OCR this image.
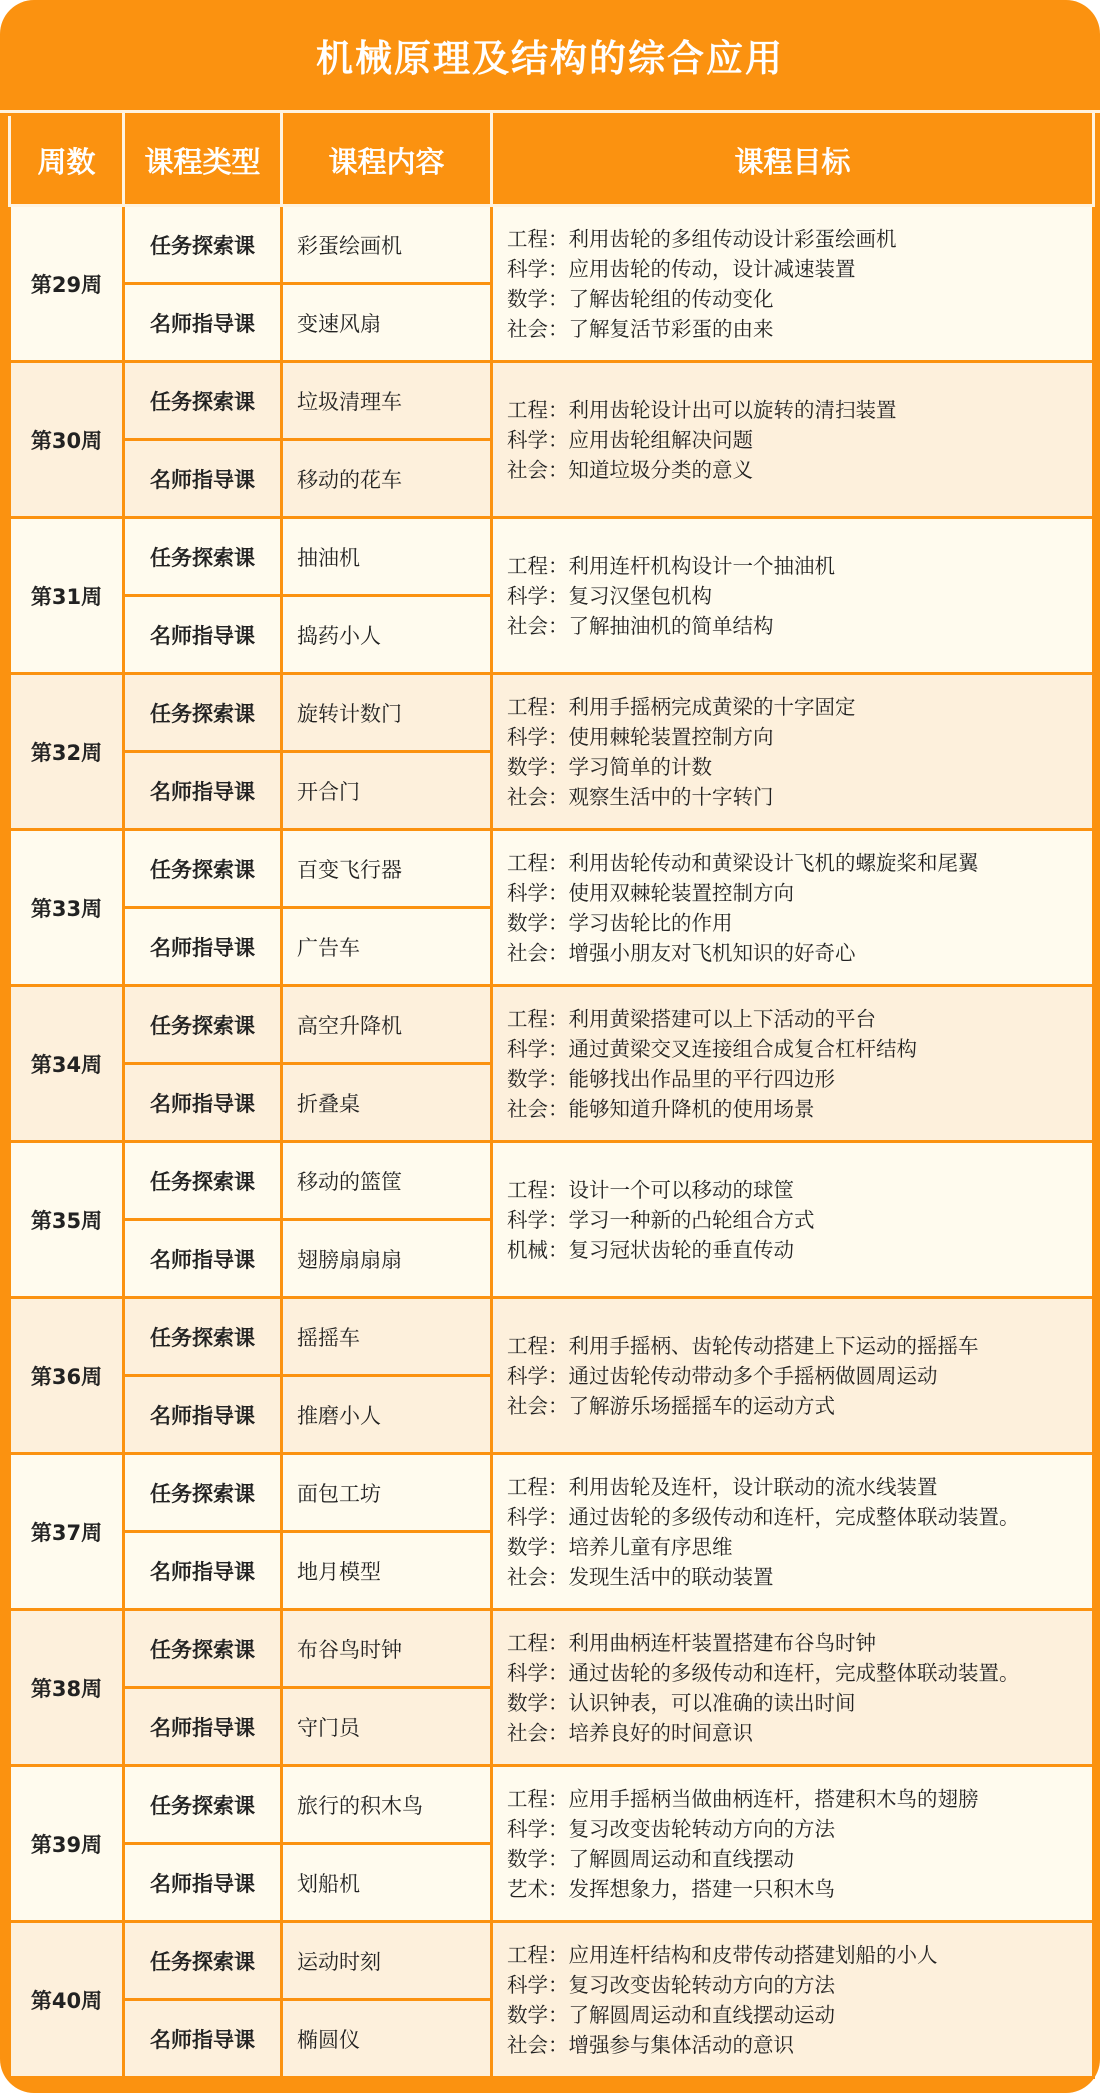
机械原理及结构的综合应用
周数	课程类型	课程内容	课程目标
第29周	任务探索课	彩蛋绘画机	工程：利用齿轮的多组传动设计彩蛋绘画机
科学：应用齿轮的传动，设计减速装置
数学：了解齿轮组的传动变化
社会：了解复活节彩蛋的由来

	名师指导课	变速风扇	
第30周	任务探索课	垃圾清理车	工程：利用齿轮设计出可以旋转的清扫装置
科学：应用齿轮组解决问题
社会：知道垃圾分类的意义

	名师指导课	移动的花车	
第31周	任务探索课	抽油机	工程：利用连杆机构设计一个抽油机
科学：复习汉堡包机构
社会：了解抽油机的简单结构

	名师指导课	捣药小人	
第32周	任务探索课	旋转计数门	工程：利用手摇柄完成黄梁的十字固定
科学：使用棘轮装置控制方向
数学：学习简单的计数
社会：观察生活中的十字转门

	名师指导课	开合门	
第33周	任务探索课	百变飞行器	工程：利用齿轮传动和黄梁设计飞机的螺旋桨和尾翼
科学：使用双棘轮装置控制方向
数学：学习齿轮比的作用
社会：增强小朋友对飞机知识的好奇心

	名师指导课	广告车	
第34周	任务探索课	高空升降机	工程：利用黄梁搭建可以上下活动的平台
科学：通过黄梁交叉连接组合成复合杠杆结构
数学：能够找出作品里的平行四边形
社会：能够知道升降机的使用场景

	名师指导课	折叠桌	
第35周	任务探索课	移动的篮筐	工程：设计一个可以移动的球筐
科学：学习一种新的凸轮组合方式
机械：复习冠状齿轮的垂直传动

	名师指导课	翅膀扇扇扇	
第36周	任务探索课	摇摇车	工程：利用手摇柄、齿轮传动搭建上下运动的摇摇车
科学：通过齿轮传动带动多个手摇柄做圆周运动
社会：了解游乐场摇摇车的运动方式

	名师指导课	推磨小人	
第37周	任务探索课	面包工坊	工程：利用齿轮及连杆，设计联动的流水线装置
科学：通过齿轮的多级传动和连杆，完成整体联动装置。
数学：培养儿童有序思维
社会：发现生活中的联动装置

	名师指导课	地月模型	
第38周	任务探索课	布谷鸟时钟	工程：利用曲柄连杆装置搭建布谷鸟时钟
科学：通过齿轮的多级传动和连杆，完成整体联动装置。
数学：认识钟表，可以准确的读出时间
社会：培养良好的时间意识

	名师指导课	守门员	
第39周	任务探索课	旅行的积木鸟	工程：应用手摇柄当做曲柄连杆，搭建积木鸟的翅膀
科学：复习改变齿轮转动方向的方法
数学：了解圆周运动和直线摆动
艺术：发挥想象力，搭建一只积木鸟

	名师指导课	划船机	
第40周	任务探索课	运动时刻	工程：应用连杆结构和皮带传动搭建划船的小人
科学：复习改变齿轮转动方向的方法
数学：了解圆周运动和直线摆动运动
社会：增强参与集体活动的意识

	名师指导课	椭圆仪	
